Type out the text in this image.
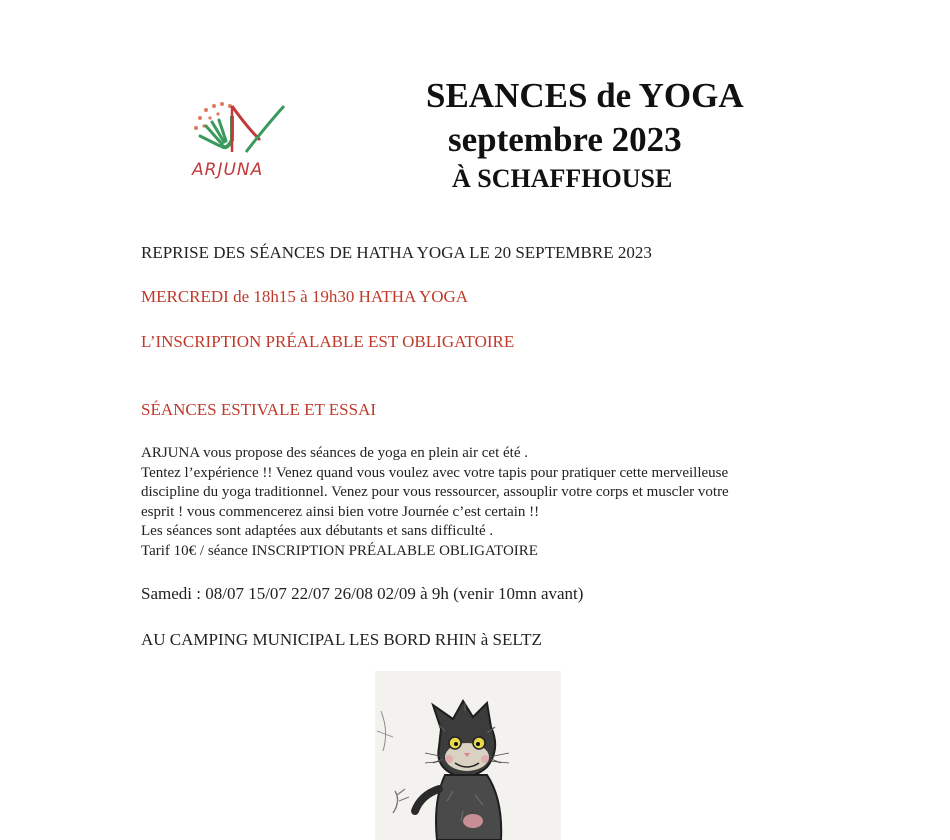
ARJUNA
SEANCES de YOGA
septembre 2023
À SCHAFFHOUSE
REPRISE DES SÉANCES DE HATHA YOGA LE 20 SEPTEMBRE 2023
MERCREDI de 18h15 à 19h30 HATHA YOGA
L’INSCRIPTION PRÉALABLE EST OBLIGATOIRE
SÉANCES ESTIVALE ET ESSAI
ARJUNA vous propose des séances de yoga en plein air cet été .
Tentez l’expérience !! Venez quand vous voulez avec votre tapis pour pratiquer cette merveilleuse
discipline du yoga traditionnel. Venez pour vous ressourcer, assouplir votre corps et muscler votre
esprit ! vous commencerez ainsi bien votre Journée c’est certain !!
Les séances sont adaptées aux débutants et sans difficulté .
Tarif 10€ / séance INSCRIPTION PRÉALABLE OBLIGATOIRE
Samedi : 08/07 15/07 22/07 26/08 02/09 à 9h (venir 10mn avant)
AU CAMPING MUNICIPAL LES BORD RHIN à SELTZ
